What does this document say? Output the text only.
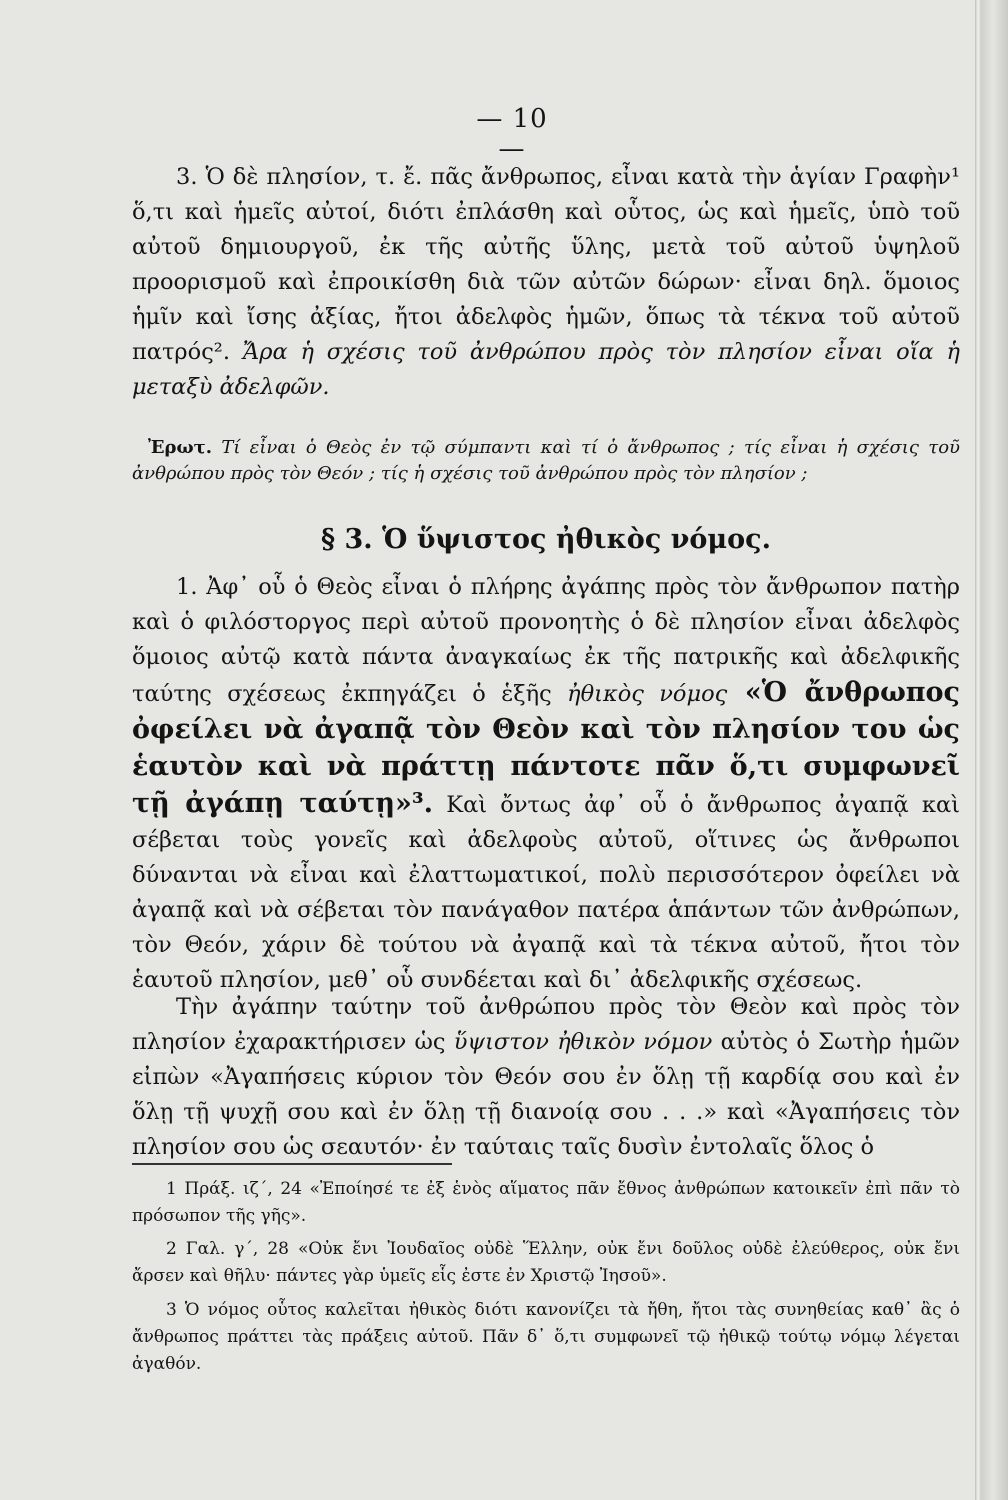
— 10 —

3. Ὁ δὲ πλησίον, τ. ἔ. πᾶς ἄνθρωπος, εἶναι κατὰ τὴν ἁγίαν Γραφὴν¹ ὅ,τι καὶ ἡμεῖς αὐτοί, διότι ἐπλάσθη καὶ οὗτος, ὡς καὶ ἡμεῖς, ὑπὸ τοῦ αὐτοῦ δημιουργοῦ, ἐκ τῆς αὐτῆς ὕλης, μετὰ τοῦ αὐτοῦ ὑψηλοῦ προορισμοῦ καὶ ἐπροικίσθη διὰ τῶν αὐτῶν δώρων· εἶναι δηλ. ὅμοιος ἡμῖν καὶ ἴσης ἀξίας, ἤτοι ἀδελφὸς ἡμῶν, ὅπως τὰ τέκνα τοῦ αὐτοῦ πατρός². Ἄρα ἡ σχέσις τοῦ ἀνθρώπου πρὸς τὸν πλησίον εἶναι οἵα ἡ μεταξὺ ἀδελφῶν.

Ἐρωτ. Τί εἶναι ὁ Θεὸς ἐν τῷ σύμπαντι καὶ τί ὁ ἄνθρωπος ; τίς εἶναι ἡ σχέσις τοῦ ἀνθρώπου πρὸς τὸν Θεόν ; τίς ἡ σχέσις τοῦ ἀνθρώπου πρὸς τὸν πλησίον ;

§ 3. Ὁ ὕψιστος ἠθικὸς νόμος.

1. Ἀφ᾿ οὗ ὁ Θεὸς εἶναι ὁ πλήρης ἀγάπης πρὸς τὸν ἄνθρωπον πατὴρ καὶ ὁ φιλόστοργος περὶ αὐτοῦ προνοητὴς ὁ δὲ πλησίον εἶναι ἀδελφὸς ὅμοιος αὐτῷ κατὰ πάντα ἀναγκαίως ἐκ τῆς πατρικῆς καὶ ἀδελφικῆς ταύτης σχέσεως ἐκπηγάζει ὁ ἑξῆς ἠθικὸς νόμος «Ὁ ἄνθρωπος ὀφείλει νὰ ἀγαπᾷ τὸν Θεὸν καὶ τὸν πλησίον του ὡς ἑαυτὸν καὶ νὰ πράττῃ πάντοτε πᾶν ὅ,τι συμφωνεῖ τῇ ἀγάπῃ ταύτῃ»³. Καὶ ὄντως ἀφ᾿ οὗ ὁ ἄνθρωπος ἀγαπᾷ καὶ σέβεται τοὺς γονεῖς καὶ ἀδελφοὺς αὐτοῦ, οἵτινες ὡς ἄνθρωποι δύνανται νὰ εἶναι καὶ ἐλαττωματικοί, πολὺ περισσότερον ὀφείλει νὰ ἀγαπᾷ καὶ νὰ σέβεται τὸν πανάγαθον πατέρα ἁπάντων τῶν ἀνθρώπων, τὸν Θεόν, χάριν δὲ τούτου νὰ ἀγαπᾷ καὶ τὰ τέκνα αὐτοῦ, ἤτοι τὸν ἑαυτοῦ πλησίον, μεθ᾿ οὗ συνδέεται καὶ δι᾿ ἀδελφικῆς σχέσεως.

Τὴν ἀγάπην ταύτην τοῦ ἀνθρώπου πρὸς τὸν Θεὸν καὶ πρὸς τὸν πλησίον ἐχαρακτήρισεν ὡς ὕψιστον ἠθικὸν νόμον αὐτὸς ὁ Σωτὴρ ἡμῶν εἰπὼν «Ἀγαπήσεις κύριον τὸν Θεόν σου ἐν ὅλῃ τῇ καρδίᾳ σου καὶ ἐν ὅλῃ τῇ ψυχῇ σου καὶ ἐν ὅλῃ τῇ διανοίᾳ σου . . .» καὶ «Ἀγαπήσεις τὸν πλησίον σου ὡς σεαυτόν· ἐν ταύταις ταῖς δυσὶν ἐντολαῖς ὅλος ὁ

1 Πράξ. ιζ΄, 24 «Ἐποίησέ τε ἐξ ἑνὸς αἵματος πᾶν ἔθνος ἀνθρώπων κατοικεῖν ἐπὶ πᾶν τὸ πρόσωπον τῆς γῆς».

2 Γαλ. γ΄, 28 «Οὐκ ἔνι Ἰουδαῖος οὐδὲ Ἕλλην, οὐκ ἔνι δοῦλος οὐδὲ ἐλεύθερος, οὐκ ἔνι ἄρσεν καὶ θῆλυ· πάντες γὰρ ὑμεῖς εἷς ἐστε ἐν Χριστῷ Ἰησοῦ».

3 Ὁ νόμος οὗτος καλεῖται ἠθικὸς διότι κανονίζει τὰ ἤθη, ἤτοι τὰς συνηθείας καθ᾿ ἃς ὁ ἄνθρωπος πράττει τὰς πράξεις αὐτοῦ. Πᾶν δ᾿ ὅ,τι συμφωνεῖ τῷ ἠθικῷ τούτῳ νόμῳ λέγεται ἀγαθόν.
